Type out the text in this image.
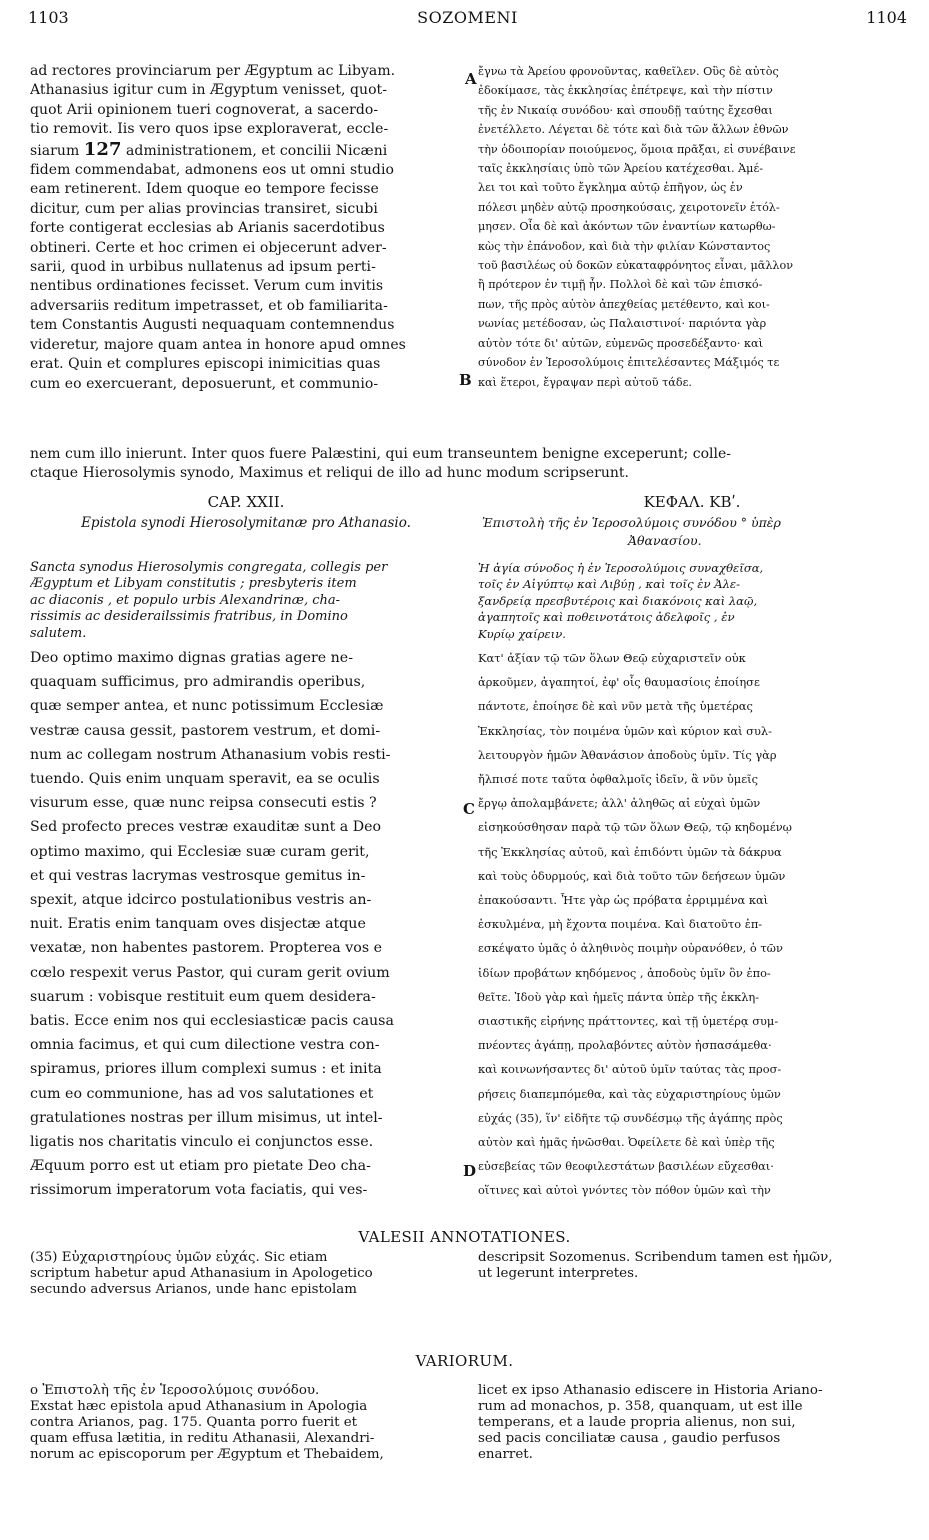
1103	SOZOMENI	1104
ad rectores provinciarum per Ægyptum ac Libyam.
Athanasius igitur cum in Ægyptum venisset, quot-
quot Arii opinionem tueri cognoverat, a sacerdo-
tio removit. Iis vero quos ipse exploraverat, eccle-
siarum 127 administrationem, et concilii Nicæni
fidem commendabat, admonens eos ut omni studio
eam retinerent. Idem quoque eo tempore fecisse
dicitur, cum per alias provincias transiret, sicubi
forte contigerat ecclesias ab Arianis sacerdotibus
obtineri. Certe et hoc crimen ei objecerunt adver-
sarii, quod in urbibus nullatenus ad ipsum perti-
nentibus ordinationes fecisset. Verum cum invitis
adversariis reditum impetrasset, et ob familiarita-
tem Constantis Augusti nequaquam contemnendus
videretur, majore quam antea in honore apud omnes
erat. Quin et complures episcopi inimicitias quas
cum eo exercuerant, deposuerunt, et communio-
ἔγνω τὰ Ἀρείου φρονοῦντας, καθεῖλεν. Οὓς δὲ αὐτὸς
ἐδοκίμασε, τὰς ἐκκλησίας ἐπέτρεψε, καὶ τὴν πίστιν
τῆς ἐν Νικαίᾳ συνόδου· καὶ σπουδῇ ταύτης ἔχεσθαι
ἐνετέλλετο. Λέγεται δὲ τότε καὶ διὰ τῶν ἄλλων ἐθνῶν
τὴν ὁδοιπορίαν ποιούμενος, ὅμοια πρᾶξαι, εἰ συνέβαινε
ταῖς ἐκκλησίαις ὑπὸ τῶν Ἀρείου κατέχεσθαι. Ἀμέ-
λει τοι καὶ τοῦτο ἔγκλημα αὐτῷ ἐπῆγον, ὡς ἐν
πόλεσι μηδὲν αὐτῷ προσηκούσαις, χειροτονεῖν ἐτόλ-
μησεν. Οἷα δὲ καὶ ἀκόντων τῶν ἐναντίων κατωρθω-
κὼς τὴν ἐπάνοδον, καὶ διὰ τὴν φιλίαν Κώνσταντος
τοῦ βασιλέως οὐ δοκῶν εὐκαταφρόνητος εἶναι, μᾶλλον
ἢ πρότερον ἐν τιμῇ ἦν. Πολλοὶ δὲ καὶ τῶν ἐπισκό-
πων, τῆς πρὸς αὐτὸν ἀπεχθείας μετέθεντο, καὶ κοι-
νωνίας μετέδοσαν, ὡς Παλαιστινοί· παριόντα γὰρ
αὐτὸν τότε δι' αὐτῶν, εὐμενῶς προσεδέξαντο· καὶ
σύνοδον ἐν Ἱεροσολύμοις ἐπιτελέσαντες Μάξιμός τε
καὶ ἕτεροι, ἔγραψαν περὶ αὐτοῦ τάδε.
A
B
nem cum illo inierunt. Inter quos fuere Palæstini, qui eum transeuntem benigne exceperunt; colle-
ctaque Hierosolymis synodo, Maximus et reliqui de illo ad hunc modum scripserunt.
CAP. XXII.	ΚΕΦΑΛ. ΚΒʹ.
Epistola synodi Hierosolymitanæ pro Athanasio.	Ἐπιστολὴ τῆς ἐν Ἱεροσολύμοις συνόδου ° ὑπὲρ
Ἀθανασίου.
Sancta synodus Hierosolymis congregata, collegis per
Ægyptum et Libyam constitutis ; presbyteris item
ac diaconis , et populo urbis Alexandrinæ, cha-
rissimis ac desiderailssimis fratribus, in Domino
salutem.
Ἡ ἁγία σύνοδος ἡ ἐν Ἱεροσολύμοις συναχθεῖσα,
τοῖς ἐν Αἰγύπτῳ καὶ Λιβύῃ , καὶ τοῖς ἐν Ἀλε-
ξανδρείᾳ πρεσβυτέροις καὶ διακόνοις καὶ λαῷ,
ἀγαπητοῖς καὶ ποθεινοτάτοις ἀδελφοῖς , ἐν
Κυρίῳ χαίρειν.
Deo optimo maximo dignas gratias agere ne-
quaquam sufficimus, pro admirandis operibus,
quæ semper antea, et nunc potissimum Ecclesiæ
vestræ causa gessit, pastorem vestrum, et domi-
num ac collegam nostrum Athanasium vobis resti-
tuendo. Quis enim unquam speravit, ea se oculis
visurum esse, quæ nunc reipsa consecuti estis ?
Sed profecto preces vestræ exauditæ sunt a Deo
optimo maximo, qui Ecclesiæ suæ curam gerit,
et qui vestras lacrymas vestrosque gemitus in-
spexit, atque idcirco postulationibus vestris an-
nuit. Eratis enim tanquam oves disjectæ atque
vexatæ, non habentes pastorem. Propterea vos e
cœlo respexit verus Pastor, qui curam gerit ovium
suarum : vobisque restituit eum quem desidera-
batis. Ecce enim nos qui ecclesiasticæ pacis causa
omnia facimus, et qui cum dilectione vestra con-
spiramus, priores illum complexi sumus : et inita
cum eo communione, has ad vos salutationes et
gratulationes nostras per illum misimus, ut intel-
ligatis nos charitatis vinculo ei conjunctos esse.
Æquum porro est ut etiam pro pietate Deo cha-
rissimorum imperatorum vota faciatis, qui ves-
Κατ' ἀξίαν τῷ τῶν ὅλων Θεῷ εὐχαριστεῖν οὐκ
ἀρκοῦμεν, ἀγαπητοί, ἐφ' οἷς θαυμασίοις ἐποίησε
πάντοτε, ἐποίησε δὲ καὶ νῦν μετὰ τῆς ὑμετέρας
Ἐκκλησίας, τὸν ποιμένα ὑμῶν καὶ κύριον καὶ συλ-
λειτουργὸν ἡμῶν Ἀθανάσιον ἀποδοὺς ὑμῖν. Τίς γὰρ
ἤλπισέ ποτε ταῦτα ὀφθαλμοῖς ἰδεῖν, ἃ νῦν ὑμεῖς
ἔργῳ ἀπολαμβάνετε; ἀλλ' ἀληθῶς αἱ εὐχαὶ ὑμῶν
εἰσηκούσθησαν παρὰ τῷ τῶν ὅλων Θεῷ, τῷ κηδομένῳ
τῆς Ἐκκλησίας αὐτοῦ, καὶ ἐπιδόντι ὑμῶν τὰ δάκρυα
καὶ τοὺς ὀδυρμούς, καὶ διὰ τοῦτο τῶν δεήσεων ὑμῶν
ἐπακούσαντι. Ἦτε γὰρ ὡς πρόβατα ἐρριμμένα καὶ
ἐσκυλμένα, μὴ ἔχοντα ποιμένα. Καὶ διατοῦτο ἐπ-
εσκέψατο ὑμᾶς ὁ ἀληθινὸς ποιμὴν οὐρανόθεν, ὁ τῶν
ἰδίων προβάτων κηδόμενος , ἀποδοὺς ὑμῖν ὃν ἐπο-
θεῖτε. Ἰδοὺ γὰρ καὶ ἡμεῖς πάντα ὑπὲρ τῆς ἐκκλη-
σιαστικῆς εἰρήνης πράττοντες, καὶ τῇ ὑμετέρᾳ συμ-
πνέοντες ἀγάπῃ, προλαβόντες αὐτὸν ἠσπασάμεθα·
καὶ κοινωνήσαντες δι' αὐτοῦ ὑμῖν ταύτας τὰς προσ-
ρήσεις διαπεμπόμεθα, καὶ τὰς εὐχαριστηρίους ὑμῶν
εὐχάς (35), ἵν' εἰδῆτε τῷ συνδέσμῳ τῆς ἀγάπης πρὸς
αὐτὸν καὶ ἡμᾶς ἡνῶσθαι. Ὀφείλετε δὲ καὶ ὑπὲρ τῆς
εὐσεβείας τῶν θεοφιλεστάτων βασιλέων εὔχεσθαι·
οἵτινες καὶ αὐτοὶ γνόντες τὸν πόθον ὑμῶν καὶ τὴν
C
D
VALESII ANNOTATIONES.
(35) Εὐχαριστηρίους ὑμῶν εὐχάς. Sic etiam
scriptum habetur apud Athanasium in Apologetico
secundo adversus Arianos, unde hanc epistolam
descripsit Sozomenus. Scribendum tamen est ἡμῶν,
ut legerunt interpretes.
VARIORUM.
ο Ἐπιστολὴ τῆς ἐν Ἱεροσολύμοις συνόδου.
Exstat hæc epistola apud Athanasium in Apologia
contra Arianos, pag. 175. Quanta porro fuerit et
quam effusa lætitia, in reditu Athanasii, Alexandri-
norum ac episcoporum per Ægyptum et Thebaidem,
licet ex ipso Athanasio ediscere in Historia Ariano-
rum ad monachos, p. 358, quanquam, ut est ille
temperans, et a laude propria alienus, non sui,
sed pacis conciliatæ causa , gaudio perfusos
enarret.
